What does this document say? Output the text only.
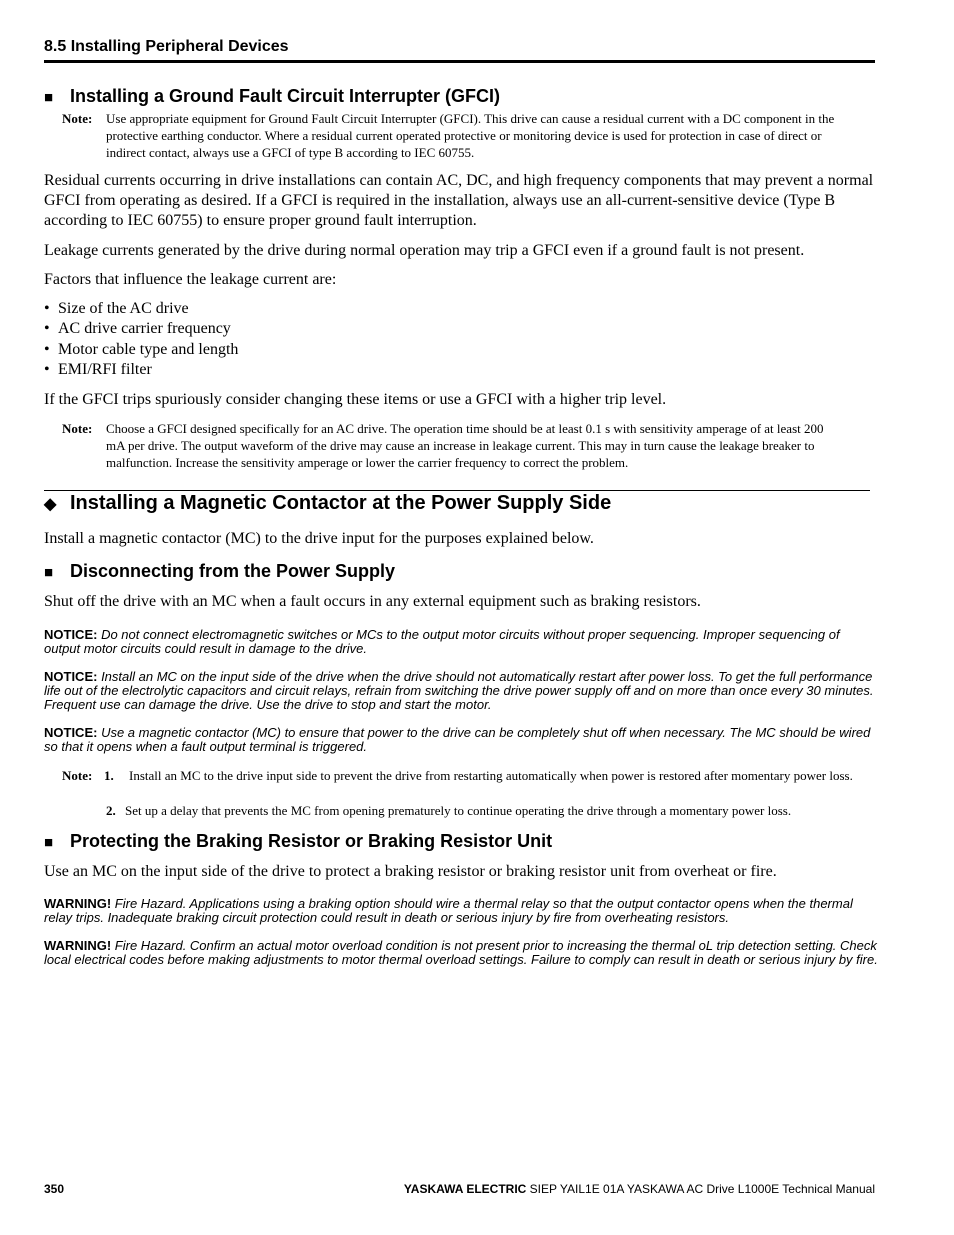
8.5 Installing Peripheral Devices
■ Installing a Ground Fault Circuit Interrupter (GFCI)
Note: Use appropriate equipment for Ground Fault Circuit Interrupter (GFCI). This drive can cause a residual current with a DC component in the protective earthing conductor. Where a residual current operated protective or monitoring device is used for protection in case of direct or indirect contact, always use a GFCI of type B according to IEC 60755.
Residual currents occurring in drive installations can contain AC, DC, and high frequency components that may prevent a normal GFCI from operating as desired. If a GFCI is required in the installation, always use an all-current-sensitive device (Type B according to IEC 60755) to ensure proper ground fault interruption.
Leakage currents generated by the drive during normal operation may trip a GFCI even if a ground fault is not present.
Factors that influence the leakage current are:
• Size of the AC drive
• AC drive carrier frequency
• Motor cable type and length
• EMI/RFI filter
If the GFCI trips spuriously consider changing these items or use a GFCI with a higher trip level.
Note: Choose a GFCI designed specifically for an AC drive. The operation time should be at least 0.1 s with sensitivity amperage of at least 200 mA per drive. The output waveform of the drive may cause an increase in leakage current. This may in turn cause the leakage breaker to malfunction. Increase the sensitivity amperage or lower the carrier frequency to correct the problem.
◆ Installing a Magnetic Contactor at the Power Supply Side
Install a magnetic contactor (MC) to the drive input for the purposes explained below.
■ Disconnecting from the Power Supply
Shut off the drive with an MC when a fault occurs in any external equipment such as braking resistors.
NOTICE: Do not connect electromagnetic switches or MCs to the output motor circuits without proper sequencing. Improper sequencing of output motor circuits could result in damage to the drive.
NOTICE: Install an MC on the input side of the drive when the drive should not automatically restart after power loss. To get the full performance life out of the electrolytic capacitors and circuit relays, refrain from switching the drive power supply off and on more than once every 30 minutes. Frequent use can damage the drive. Use the drive to stop and start the motor.
NOTICE: Use a magnetic contactor (MC) to ensure that power to the drive can be completely shut off when necessary. The MC should be wired so that it opens when a fault output terminal is triggered.
Note: 1.	Install an MC to the drive input side to prevent the drive from restarting automatically when power is restored after momentary power loss.
2. Set up a delay that prevents the MC from opening prematurely to continue operating the drive through a momentary power loss.
■ Protecting the Braking Resistor or Braking Resistor Unit
Use an MC on the input side of the drive to protect a braking resistor or braking resistor unit from overheat or fire.
WARNING! Fire Hazard. Applications using a braking option should wire a thermal relay so that the output contactor opens when the thermal relay trips. Inadequate braking circuit protection could result in death or serious injury by fire from overheating resistors.
WARNING! Fire Hazard. Confirm an actual motor overload condition is not present prior to increasing the thermal oL trip detection setting. Check local electrical codes before making adjustments to motor thermal overload settings. Failure to comply can result in death or serious injury by fire.
350	YASKAWA ELECTRIC SIEP YAIL1E 01A YASKAWA AC Drive L1000E Technical Manual
